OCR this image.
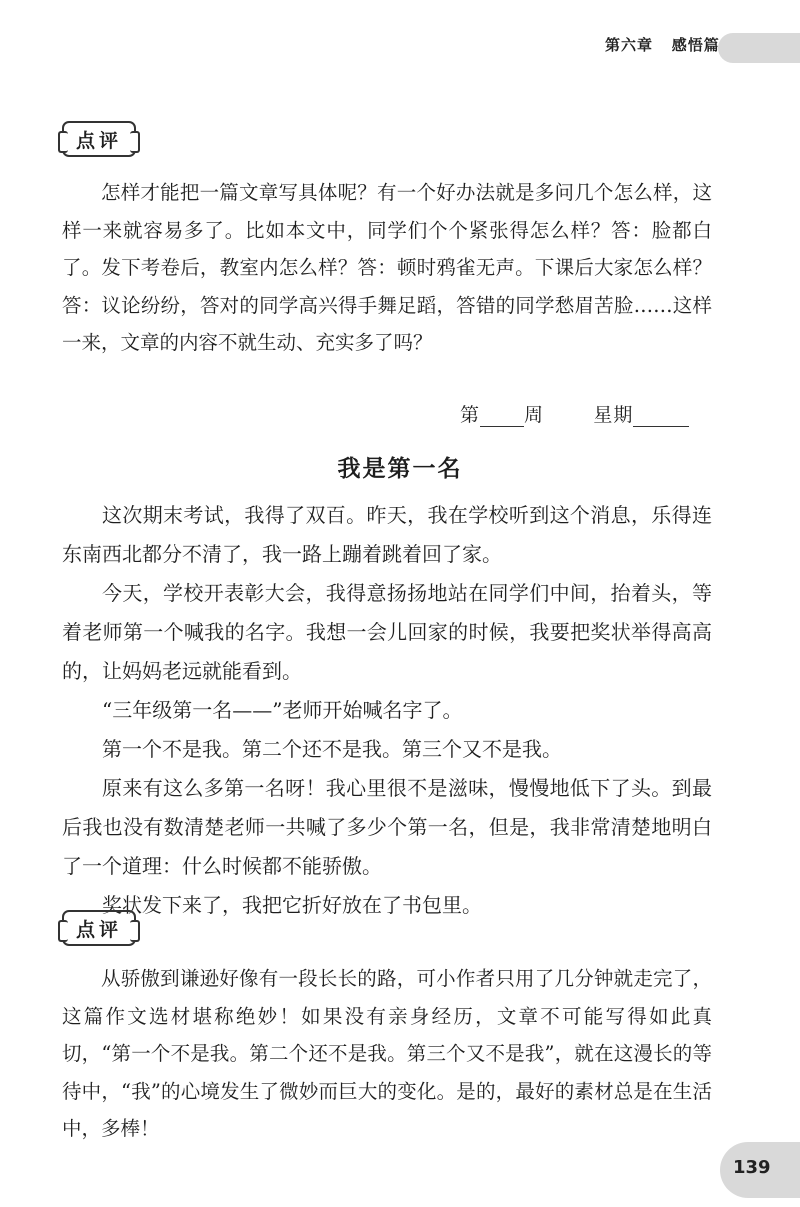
第六章 感悟篇
点评

怎样才能把一篇文章写具体呢？有一个好办法就是多问几个怎么样，这样一来就容易多了。比如本文中，同学们个个紧张得怎么样？答：脸都白了。发下考卷后，教室内怎么样？答：顿时鸦雀无声。下课后大家怎么样？答：议论纷纷，答对的同学高兴得手舞足蹈，答错的同学愁眉苦脸……这样一来，文章的内容不就生动、充实多了吗？

第 周	星期
我是第一名

这次期末考试，我得了双百。昨天，我在学校听到这个消息，乐得连东南西北都分不清了，我一路上蹦着跳着回了家。

今天，学校开表彰大会，我得意扬扬地站在同学们中间，抬着头，等着老师第一个喊我的名字。我想一会儿回家的时候，我要把奖状举得高高的，让妈妈老远就能看到。

“三年级第一名——”老师开始喊名字了。

第一个不是我。第二个还不是我。第三个又不是我。

原来有这么多第一名呀！我心里很不是滋味，慢慢地低下了头。到最后我也没有数清楚老师一共喊了多少个第一名，但是，我非常清楚地明白了一个道理：什么时候都不能骄傲。

奖状发下来了，我把它折好放在了书包里。

点评

从骄傲到谦逊好像有一段长长的路，可小作者只用了几分钟就走完了，这篇作文选材堪称绝妙！如果没有亲身经历，文章不可能写得如此真切，“第一个不是我。第二个还不是我。第三个又不是我”，就在这漫长的等待中，“我”的心境发生了微妙而巨大的变化。是的，最好的素材总是在生活中，多棒！

139
